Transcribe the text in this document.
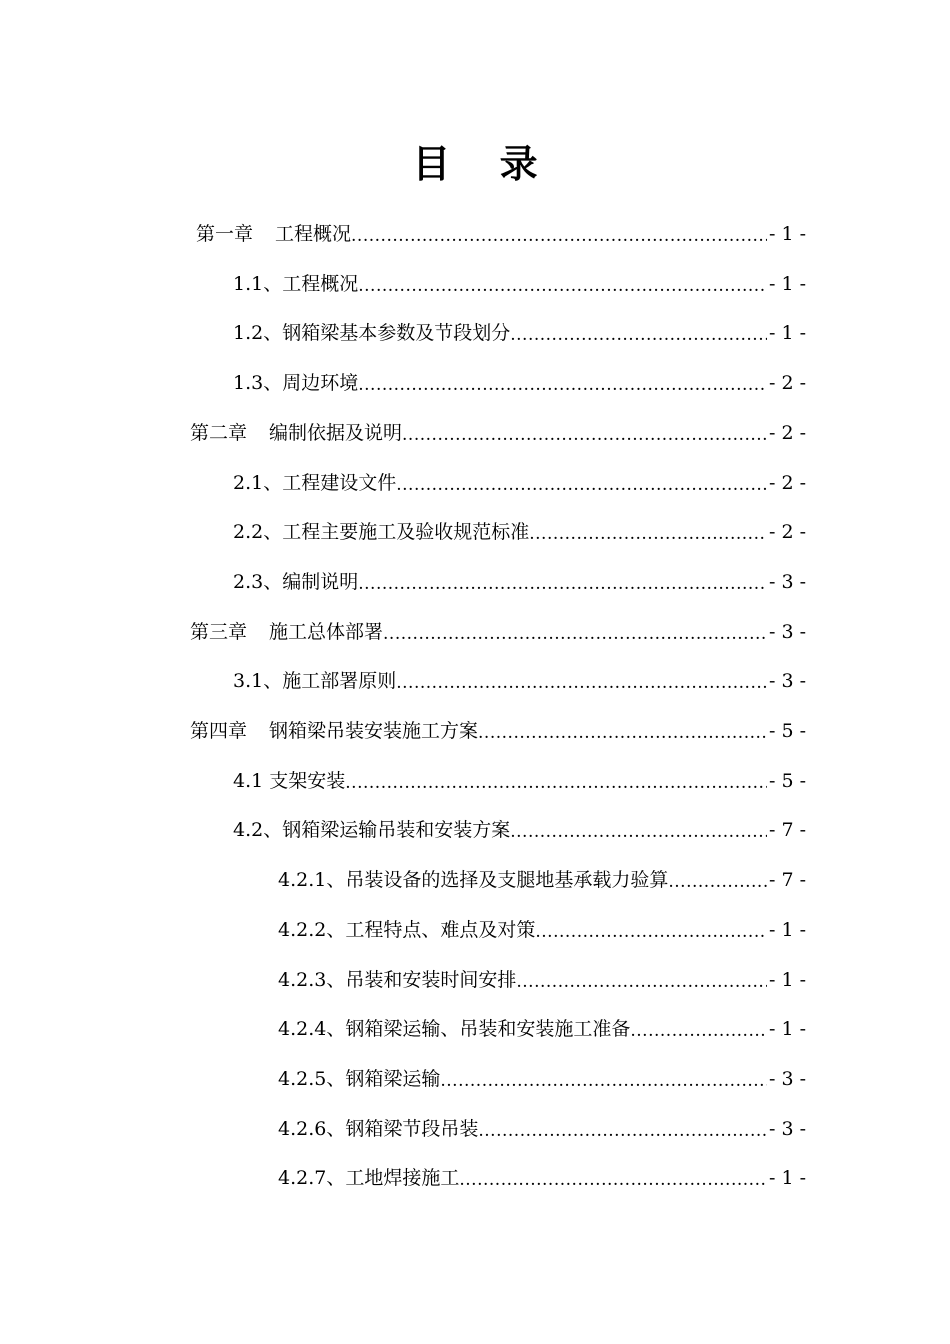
目 录
第一章 工程概况 .....	- 1 -
1.1、工程概况 .....	- 1 -
1.2、钢箱梁基本参数及节段划分 .....	- 1 -
1.3、周边环境 .....	- 2 -
第二章 编制依据及说明 .....	- 2 -
2.1、工程建设文件 .....	- 2 -
2.2、工程主要施工及验收规范标准 .....	- 2 -
2.3、编制说明 .....	- 3 -
第三章 施工总体部署 .....	- 3 -
3.1、施工部署原则 .....	- 3 -
第四章 钢箱梁吊装安装施工方案 .....	- 5 -
4.1 支架安装 .....	- 5 -
4.2、钢箱梁运输吊装和安装方案 .....	- 7 -
4.2.1、吊装设备的选择及支腿地基承载力验算 .....	- 7 -
4.2.2、工程特点、难点及对策 .....	- 1 -
4.2.3、吊装和安装时间安排 .....	- 1 -
4.2.4、钢箱梁运输、吊装和安装施工准备 .....	- 1 -
4.2.5、钢箱梁运输 .....	- 3 -
4.2.6、钢箱梁节段吊装 .....	- 3 -
4.2.7、工地焊接施工 .....	- 1 -
